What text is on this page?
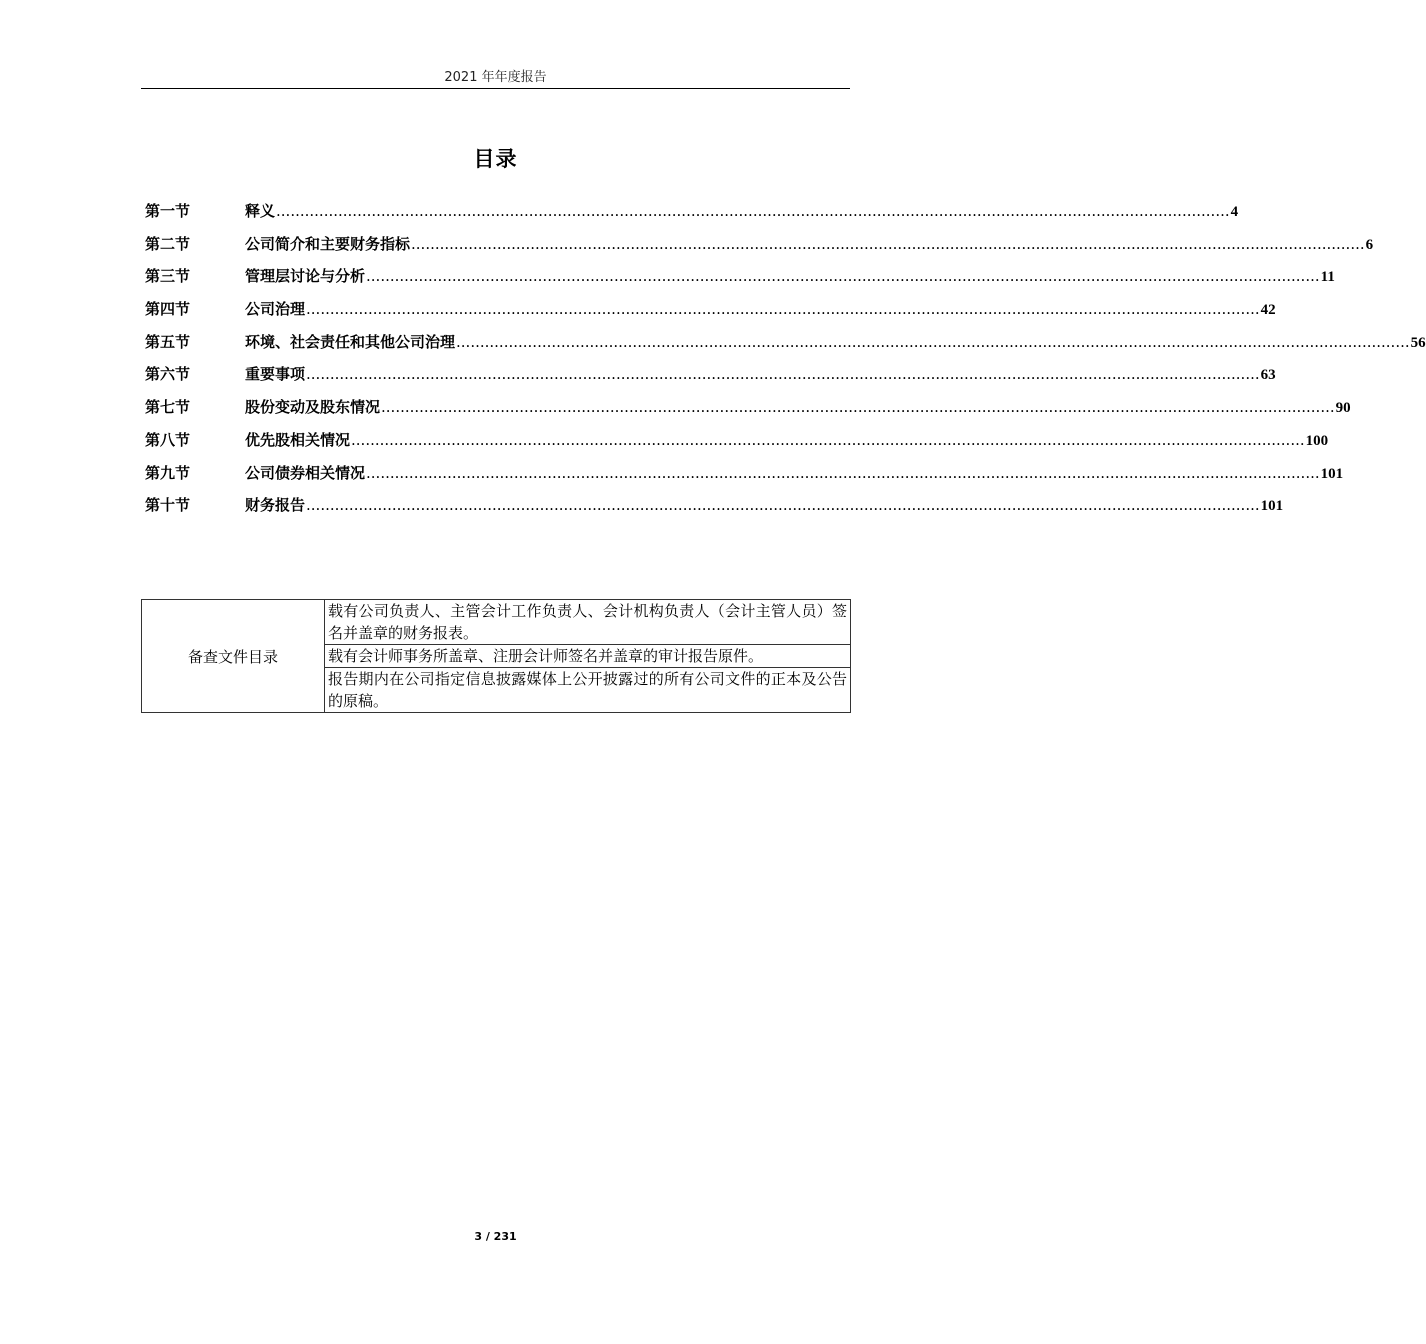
2021 年年度报告
目录
第一节	释义 ........................................................................................................................................................................................................ 4
第二节	公司简介和主要财务指标 ........................................................................................................................................................................................................ 6
第三节	管理层讨论与分析 ........................................................................................................................................................................................................ 11
第四节	公司治理 ........................................................................................................................................................................................................ 42
第五节	环境、社会责任和其他公司治理 ........................................................................................................................................................................................................ 56
第六节	重要事项 ........................................................................................................................................................................................................ 63
第七节	股份变动及股东情况 ........................................................................................................................................................................................................ 90
第八节	优先股相关情况 ........................................................................................................................................................................................................ 100
第九节	公司债券相关情况 ........................................................................................................................................................................................................ 101
第十节	财务报告 ........................................................................................................................................................................................................ 101
备查文件目录	载有公司负责人、主管会计工作负责人、会计机构负责人（会计主管人员）签名并盖章的财务报表。
载有会计师事务所盖章、注册会计师签名并盖章的审计报告原件。
报告期内在公司指定信息披露媒体上公开披露过的所有公司文件的正本及公告的原稿。
3 / 231
